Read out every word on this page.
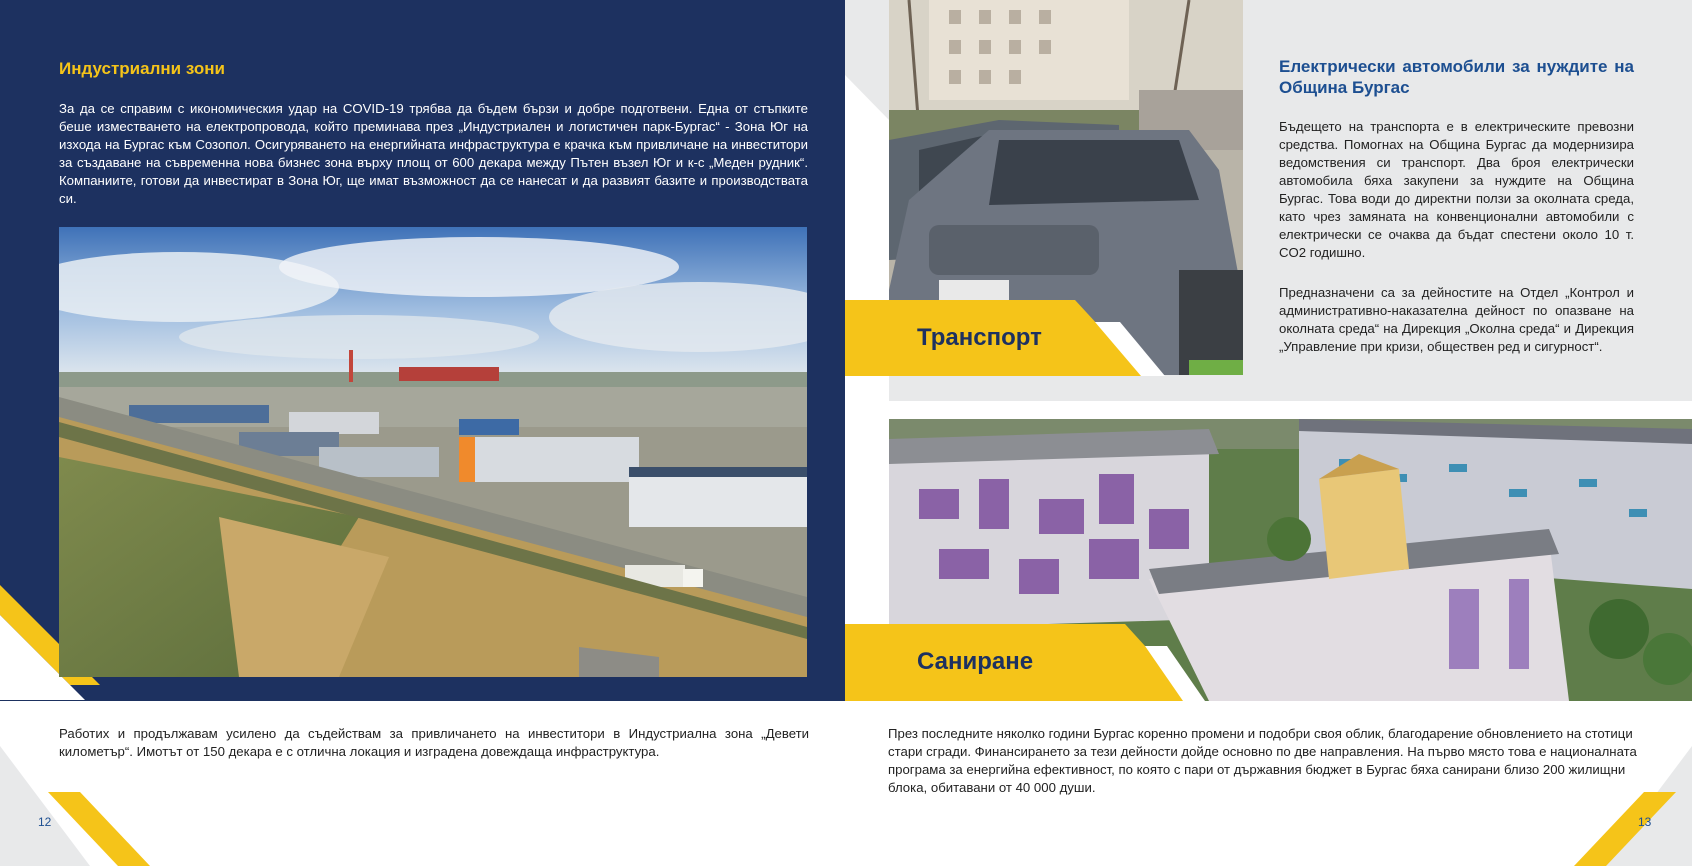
Индустриални зони
За да се справим с икономическия удар на COVID-19 трябва да бъдем бързи и добре подготвени. Една от стъпките беше изместването на електропровода, който преминава през „Индустриален и логистичен парк-Бургас“ - Зона Юг на изхода на Бургас към Созопол. Осигуряването на енергийната инфраструктура е крачка към привличане на инвеститори за създаване на съвременна нова бизнес зона върху площ от 600 декара между Пътен възел Юг и к-с „Меден рудник“. Компаниите, готови да инвестират в Зона Юг, ще имат възможност да се нанесат и да развият базите и производствата си.
Работих и продължавам усилено да съдействам за привличането на инвеститори в Индустриална зона „Девети километър“. Имотът от 150 декара е с отлична локация и изградена довеждаща инфраструктура.
12
Транспорт
Електрически автомобили за нуждите на Община Бургас
Бъдещето на транспорта е в електрическите превозни средства. Помогнах на Община Бургас да модернизира ведомствения си транспорт. Два броя електрически автомобила бяха закупени за нуждите на Община Бургас. Това води до директни ползи за околната среда, като чрез замяната на конвенционални автомобили с електрически се очаква да бъдат спестени около 10 т. CO2 годишно.
Предназначени са за дейностите на Отдел „Контрол и административно-наказателна дейност по опазване на околната среда“ на Дирекция „Околна среда“ и Дирекция „Управление при кризи, обществен ред и сигурност“.
Саниране
През последните няколко години Бургас коренно промени и подобри своя облик, благодарение обновлението на стотици стари сгради. Финансирането за тези дейности дойде основно по две направления. На първо място това е националната програма за енергийна ефективност, по която с пари от държавния бюджет в Бургас бяха санирани близо 200 жилищни блока, обитавани от 40 000 души.
13
